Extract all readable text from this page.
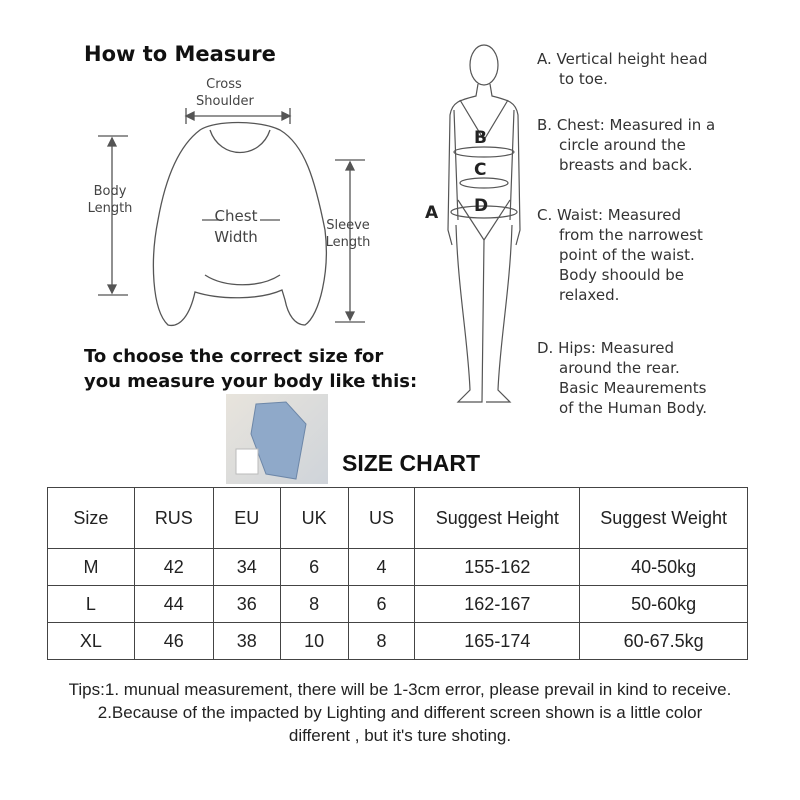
How to Measure
Cross
Shoulder
Body
Length	Chest
Width
Sleeve
Length
To choose the correct size for
you measure your body like this:
B
C
D
A
A. Vertical height head
to toe.
B. Chest: Measured in a
circle around the
breasts and back.
C. Waist: Measured
from the narrowest
point of the waist.
Body shoould be
relaxed.
D. Hips: Measured
around the rear.
Basic Meaurements
of the Human Body.
SIZE CHART
Size	RUS	EU	UK	US	Suggest Height	Suggest Weight
M	42	34	6	4	155-162	40-50kg
L	44	36	8	6	162-167	50-60kg
XL	46	38	10	8	165-174	60-67.5kg
Tips:1. munual measurement, there will be 1-3cm error, please prevail in kind to receive.
2.Because of the impacted by Lighting and different screen shown is a little color
different , but it's ture shoting.
